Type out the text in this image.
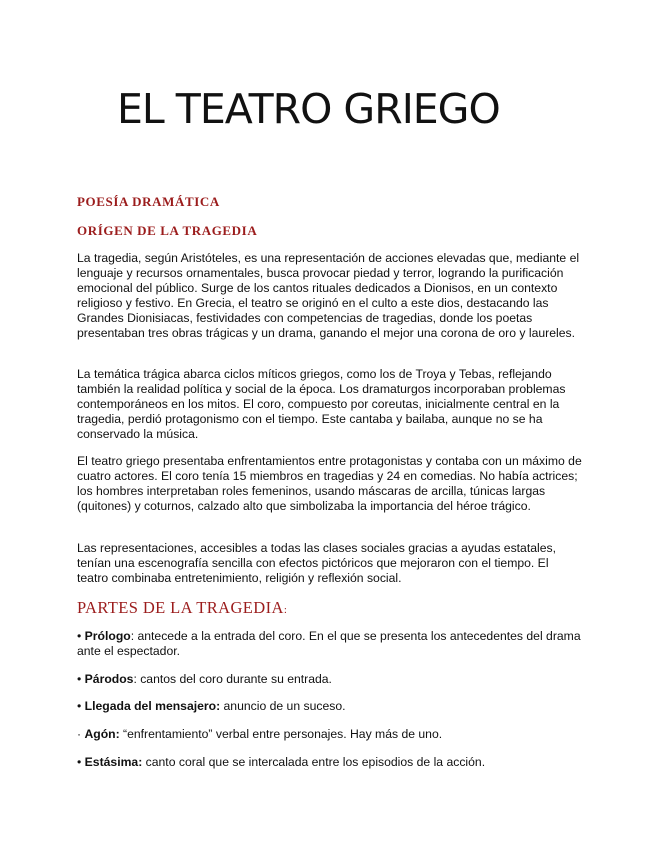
EL TEATRO GRIEGO
POESÍA DRAMÁTICA
ORÍGEN DE LA TRAGEDIA

La tragedia, según Aristóteles, es una representación de acciones elevadas que, mediante el lenguaje y recursos ornamentales, busca provocar piedad y terror, logrando la purificación emocional del público. Surge de los cantos rituales dedicados a Dionisos, en un contexto religioso y festivo. En Grecia, el teatro se originó en el culto a este dios, destacando las Grandes Dionisiacas, festividades con competencias de tragedias, donde los poetas presentaban tres obras trágicas y un drama, ganando el mejor una corona de oro y laureles.

La temática trágica abarca ciclos míticos griegos, como los de Troya y Tebas, reflejando también la realidad política y social de la época. Los dramaturgos incorporaban problemas contemporáneos en los mitos. El coro, compuesto por coreutas, inicialmente central en la tragedia, perdió protagonismo con el tiempo. Este cantaba y bailaba, aunque no se ha conservado la música.

El teatro griego presentaba enfrentamientos entre protagonistas y contaba con un máximo de cuatro actores. El coro tenía 15 miembros en tragedias y 24 en comedias. No había actrices; los hombres interpretaban roles femeninos, usando máscaras de arcilla, túnicas largas (quitones) y coturnos, calzado alto que simbolizaba la importancia del héroe trágico.

Las representaciones, accesibles a todas las clases sociales gracias a ayudas estatales, tenían una escenografía sencilla con efectos pictóricos que mejoraron con el tiempo. El teatro combinaba entretenimiento, religión y reflexión social.

PARTES DE LA TRAGEDIA:

• Prólogo: antecede a la entrada del coro. En el que se presenta los antecedentes del drama ante el espectador.

• Párodos: cantos del coro durante su entrada.

• Llegada del mensajero: anuncio de un suceso.

· Agón: “enfrentamiento” verbal entre personajes. Hay más de uno.

• Estásima: canto coral que se intercalada entre los episodios de la acción.
